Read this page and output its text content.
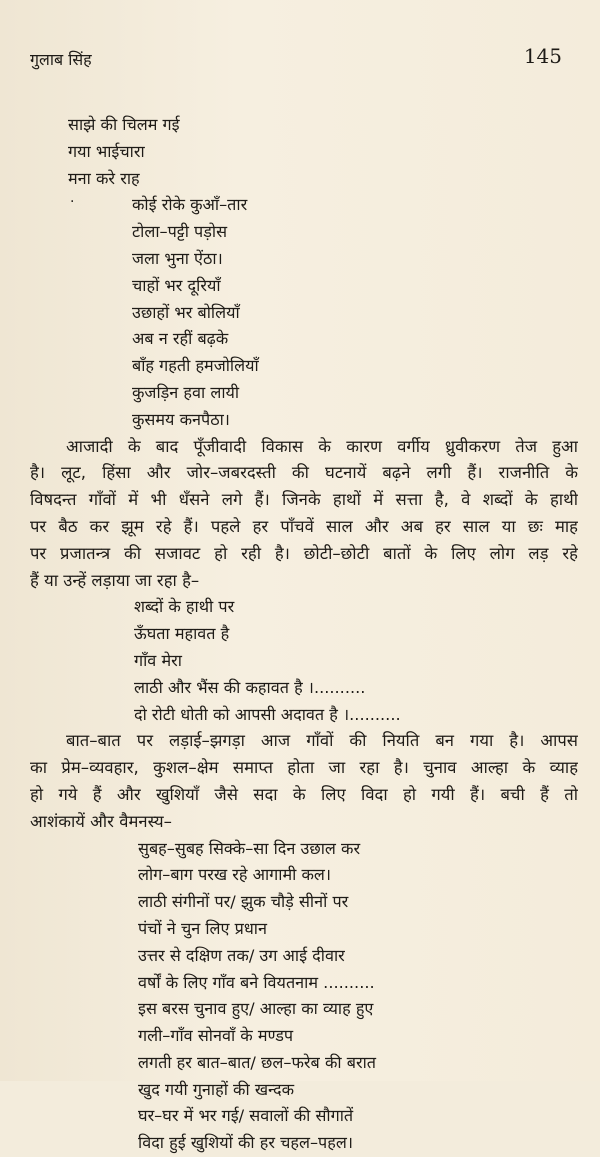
गुलाब सिंह	145
·
साझे की चिलम गई
गया भाईचारा
मना करे राह
कोई रोके कुआँ–तार
टोला–पट्टी पड़ोस
जला भुना ऐंठा।
चाहों भर दूरियाँ
उछाहों भर बोलियाँ
अब न रहीं बढ़के
बाँह गहती हमजोलियाँ
कुजड़िन हवा लायी
कुसमय कनपैठा।
आजादी के बाद पूँजीवादी विकास के कारण वर्गीय ध्रुवीकरण तेज हुआ
है। लूट, हिंसा और जोर–जबरदस्ती की घटनायें बढ़ने लगी हैं। राजनीति के
विषदन्त गाँवों में भी धँसने लगे हैं। जिनके हाथों में सत्ता है, वे शब्दों के हाथी
पर बैठ कर झूम रहे हैं। पहले हर पाँचवें साल और अब हर साल या छः माह
पर प्रजातन्त्र की सजावट हो रही है। छोटी–छोटी बातों के लिए लोग लड़ रहे
हैं या उन्हें लड़ाया जा रहा है–
शब्दों के हाथी पर
ऊँघता महावत है
गाँव मेरा
लाठी और भैंस की कहावत है ।..........
दो रोटी धोती को आपसी अदावत है ।..........
बात–बात पर लड़ाई–झगड़ा आज गाँवों की नियति बन गया है। आपस
का प्रेम–व्यवहार, कुशल–क्षेम समाप्त होता जा रहा है। चुनाव आल्हा के व्याह
हो गये हैं और खुशियाँ जैसे सदा के लिए विदा हो गयी हैं। बची हैं तो
आशंकायें और वैमनस्य–
सुबह–सुबह सिक्के–सा दिन उछाल कर
लोग–बाग परख रहे आगामी कल।
लाठी संगीनों पर/ झुक चौड़े सीनों पर
पंचों ने चुन लिए प्रधान
उत्तर से दक्षिण तक/ उग आई दीवार
वर्षों के लिए गाँव बने वियतनाम ..........
इस बरस चुनाव हुए/ आल्हा का व्याह हुए
गली–गाँव सोनवाँ के मण्डप
लगती हर बात–बात/ छल–फरेब की बरात
खुद गयी गुनाहों की खन्दक
घर–घर में भर गई/ सवालों की सौगातें
विदा हुई खुशियों की हर चहल–पहल।
